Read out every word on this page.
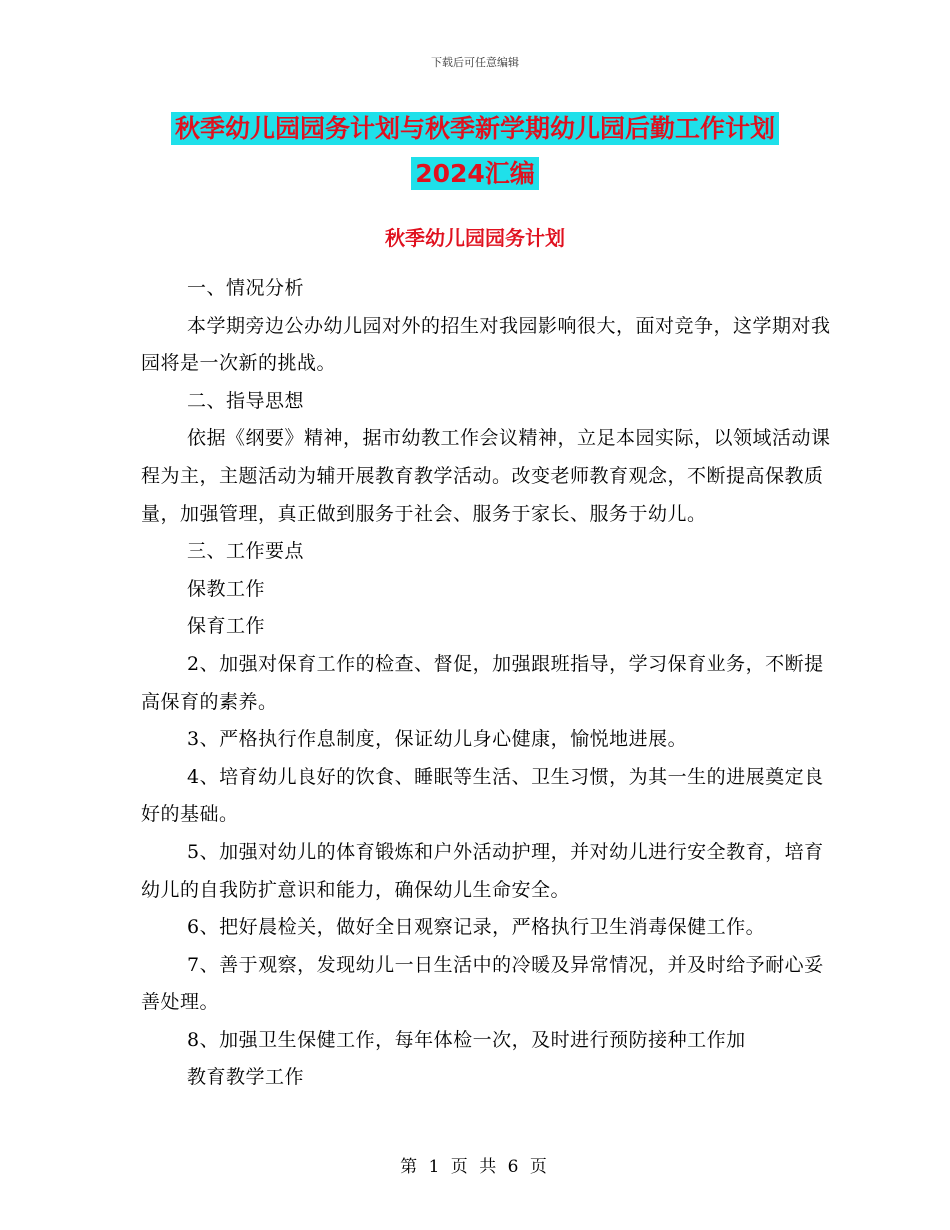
下载后可任意编辑
秋季幼儿园园务计划与秋季新学期幼儿园后勤工作计划2024汇编
秋季幼儿园园务计划

一、情况分析

本学期旁边公办幼儿园对外的招生对我园影响很大，面对竞争，这学期对我园将是一次新的挑战。

二、指导思想

依据《纲要》精神，据市幼教工作会议精神，立足本园实际，以领域活动课程为主，主题活动为辅开展教育教学活动。改变老师教育观念，不断提高保教质量，加强管理，真正做到服务于社会、服务于家长、服务于幼儿。

三、工作要点

保教工作

保育工作

2、加强对保育工作的检查、督促，加强跟班指导，学习保育业务，不断提高保育的素养。

3、严格执行作息制度，保证幼儿身心健康，愉悦地进展。

4、培育幼儿良好的饮食、睡眠等生活、卫生习惯，为其一生的进展奠定良好的基础。

5、加强对幼儿的体育锻炼和户外活动护理，并对幼儿进行安全教育，培育幼儿的自我防扩意识和能力，确保幼儿生命安全。

6、把好晨检关，做好全日观察记录，严格执行卫生消毒保健工作。

7、善于观察，发现幼儿一日生活中的冷暖及异常情况，并及时给予耐心妥善处理。

8、加强卫生保健工作，每年体检一次，及时进行预防接种工作加

教育教学工作

第 1 页 共 6 页
